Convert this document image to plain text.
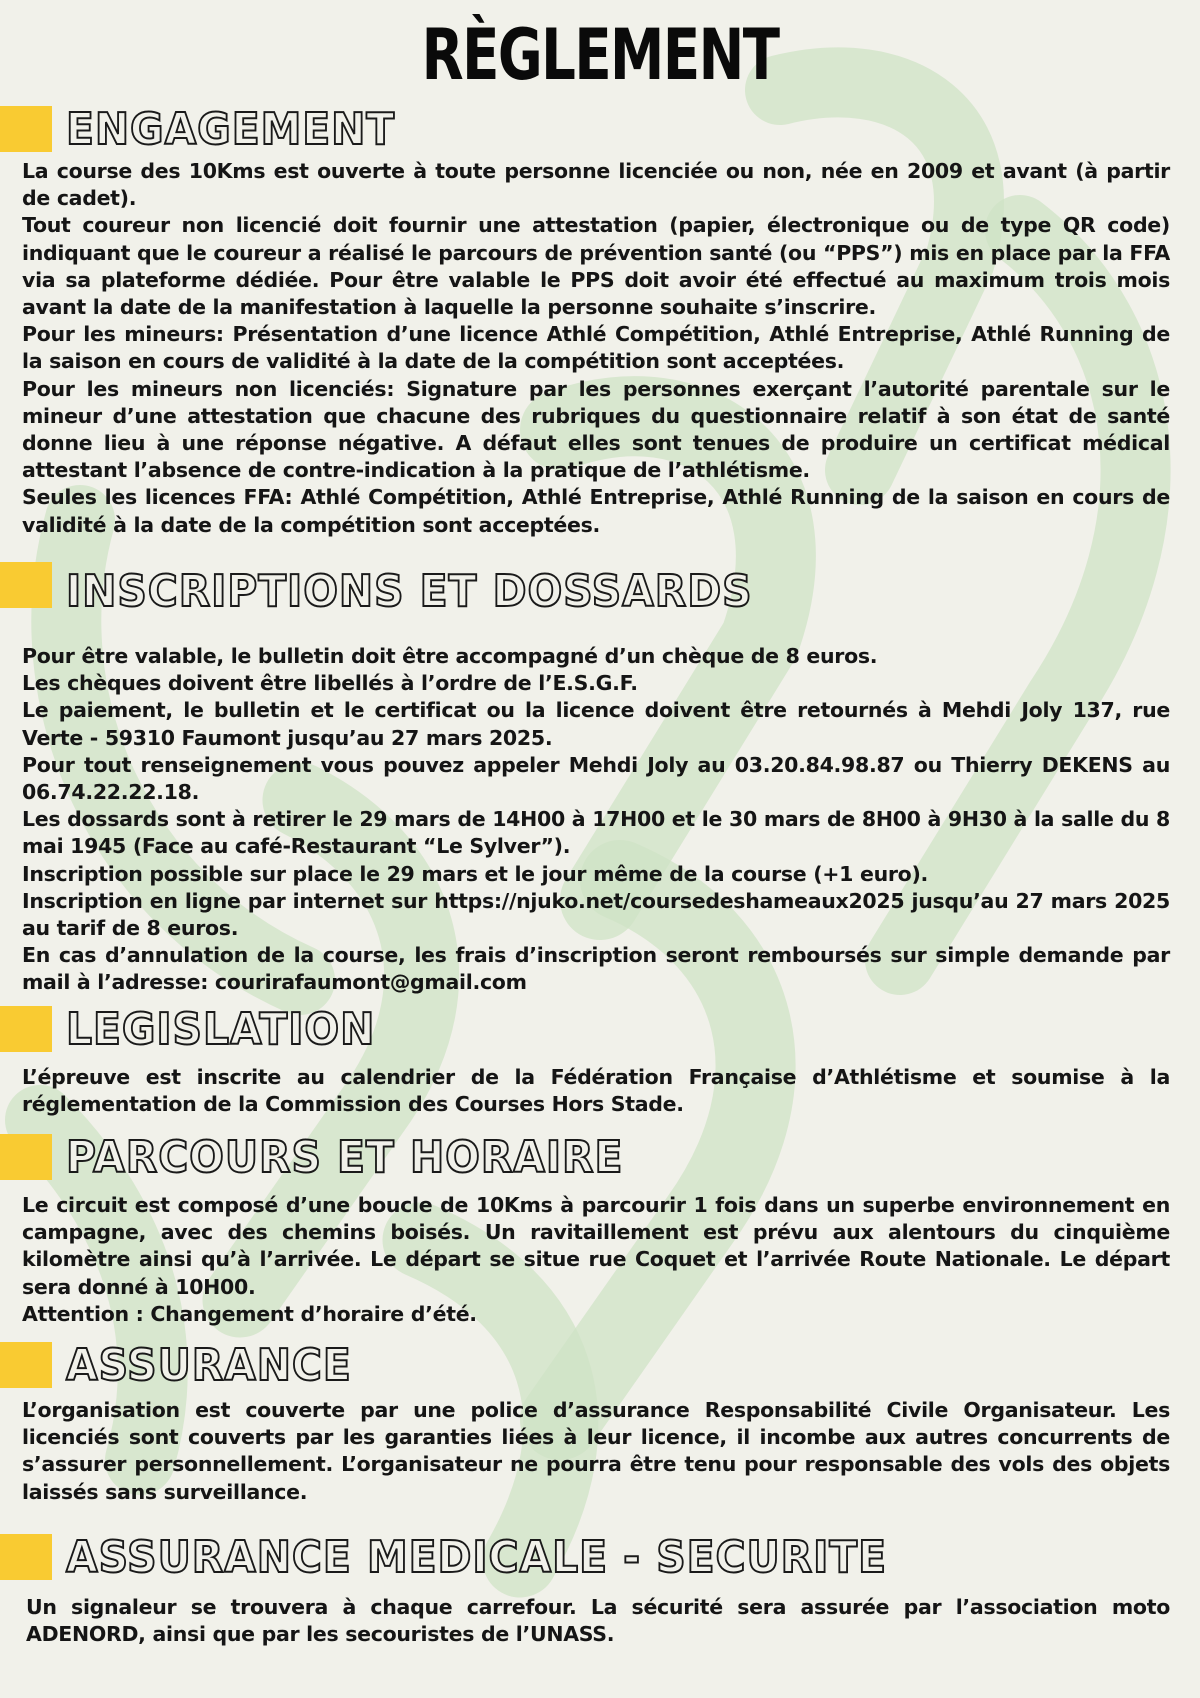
RÈGLEMENT
ENGAGEMENT

La course des 10Kms est ouverte à toute personne licenciée ou non, née en 2009 et avant (à partir de cadet).

Tout coureur non licencié doit fournir une attestation (papier, électronique ou de type QR code) indiquant que le coureur a réalisé le parcours de prévention santé (ou “PPS”) mis en place par la FFA via sa plateforme dédiée. Pour être valable le PPS doit avoir été effectué au maximum trois mois avant la date de la manifestation à laquelle la personne souhaite s’inscrire.

Pour les mineurs: Présentation d’une licence Athlé Compétition, Athlé Entreprise, Athlé Running de la saison en cours de validité à la date de la compétition sont acceptées.

Pour les mineurs non licenciés: Signature par les personnes exerçant l’autorité parentale sur le mineur d’une attestation que chacune des rubriques du questionnaire relatif à son état de santé donne lieu à une réponse négative. A défaut elles sont tenues de produire un certificat médical attestant l’absence de contre-indication à la pratique de l’athlétisme.

Seules les licences FFA: Athlé Compétition, Athlé Entreprise, Athlé Running de la saison en cours de validité à la date de la compétition sont acceptées.

INSCRIPTIONS ET DOSSARDS

Pour être valable, le bulletin doit être accompagné d’un chèque de 8 euros.

Les chèques doivent être libellés à l’ordre de l’E.S.G.F.

Le paiement, le bulletin et le certificat ou la licence doivent être retournés à Mehdi Joly 137, rue Verte - 59310 Faumont jusqu’au 27 mars 2025.

Pour tout renseignement vous pouvez appeler Mehdi Joly au 03.20.84.98.87 ou Thierry DEKENS au 06.74.22.22.18.

Les dossards sont à retirer le 29 mars de 14H00 à 17H00 et le 30 mars de 8H00 à 9H30 à la salle du 8 mai 1945 (Face au café-Restaurant “Le Sylver”).

Inscription possible sur place le 29 mars et le jour même de la course (+1 euro).

Inscription en ligne par internet sur https://njuko.net/coursedeshameaux2025 jusqu’au 27 mars 2025 au tarif de 8 euros.

En cas d’annulation de la course, les frais d’inscription seront remboursés sur simple demande par mail à l’adresse: courirafaumont@gmail.com

LEGISLATION

L’épreuve est inscrite au calendrier de la Fédération Française d’Athlétisme et soumise à la réglementation de la Commission des Courses Hors Stade.

PARCOURS ET HORAIRE

Le circuit est composé d’une boucle de 10Kms à parcourir 1 fois dans un superbe environnement en campagne, avec des chemins boisés. Un ravitaillement est prévu aux alentours du cinquième kilomètre ainsi qu’à l’arrivée. Le départ se situe rue Coquet et l’arrivée Route Nationale. Le départ sera donné à 10H00.

Attention : Changement d’horaire d’été.

ASSURANCE

L’organisation est couverte par une police d’assurance Responsabilité Civile Organisateur. Les licenciés sont couverts par les garanties liées à leur licence, il incombe aux autres concurrents de s’assurer personnellement. L’organisateur ne pourra être tenu pour responsable des vols des objets laissés sans surveillance.

ASSURANCE MEDICALE - SECURITE

Un signaleur se trouvera à chaque carrefour. La sécurité sera assurée par l’association moto ADENORD, ainsi que par les secouristes de l’UNASS.
